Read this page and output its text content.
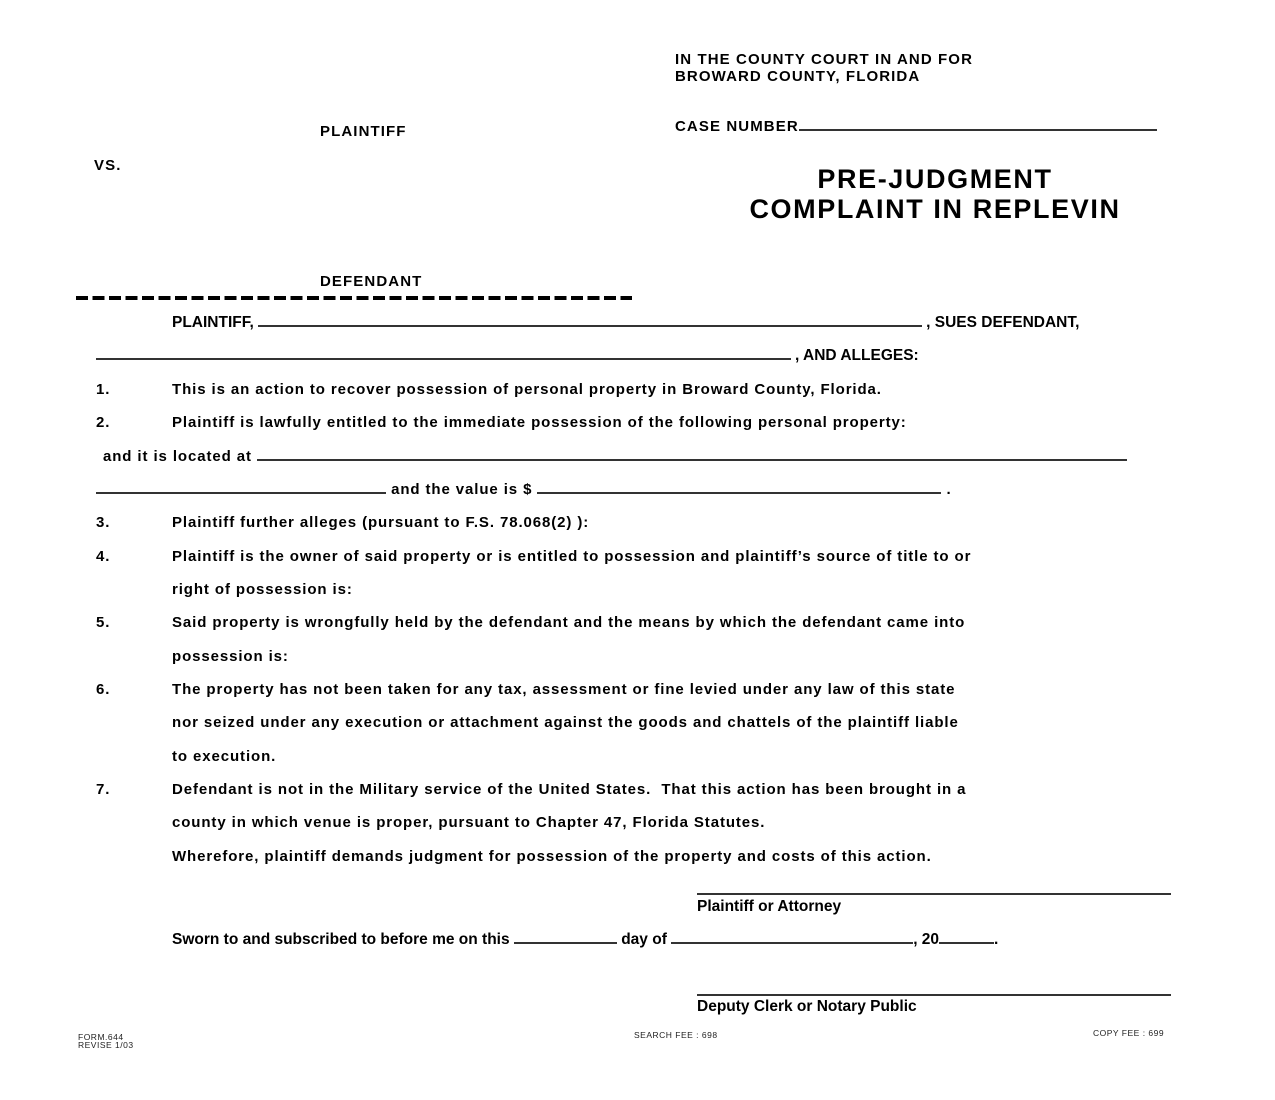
IN THE COUNTY COURT IN AND FOR
BROWARD COUNTY, FLORIDA
CASE NUMBER
PRE-JUDGMENT
COMPLAINT IN REPLEVIN
PLAINTIFF
VS.
DEFENDANT
PLAINTIFF,	, SUES DEFENDANT,
, AND ALLEGES:
1.	This is an action to recover possession of personal property in Broward County, Florida.
2.	Plaintiff is lawfully entitled to the immediate possession of the following personal property:
and it is located at
and the value is $	.
3.	Plaintiff further alleges (pursuant to F.S. 78.068(2) ):
4.	Plaintiff is the owner of said property or is entitled to possession and plaintiff’s source of title to or
right of possession is:
5.	Said property is wrongfully held by the defendant and the means by which the defendant came into
possession is:
6.	The property has not been taken for any tax, assessment or fine levied under any law of this state
nor seized under any execution or attachment against the goods and chattels of the plaintiff liable
to execution.
7.	Defendant is not in the Military service of the United States.  That this action has been brought in a
county in which venue is proper, pursuant to Chapter 47, Florida Statutes.
Wherefore, plaintiff demands judgment for possession of the property and costs of this action.
Plaintiff or Attorney
Sworn to and subscribed to before me on this	day of	, 20	.
Deputy Clerk or Notary Public
FORM.644
REVISE 1/03
SEARCH FEE : 698	COPY FEE : 699
